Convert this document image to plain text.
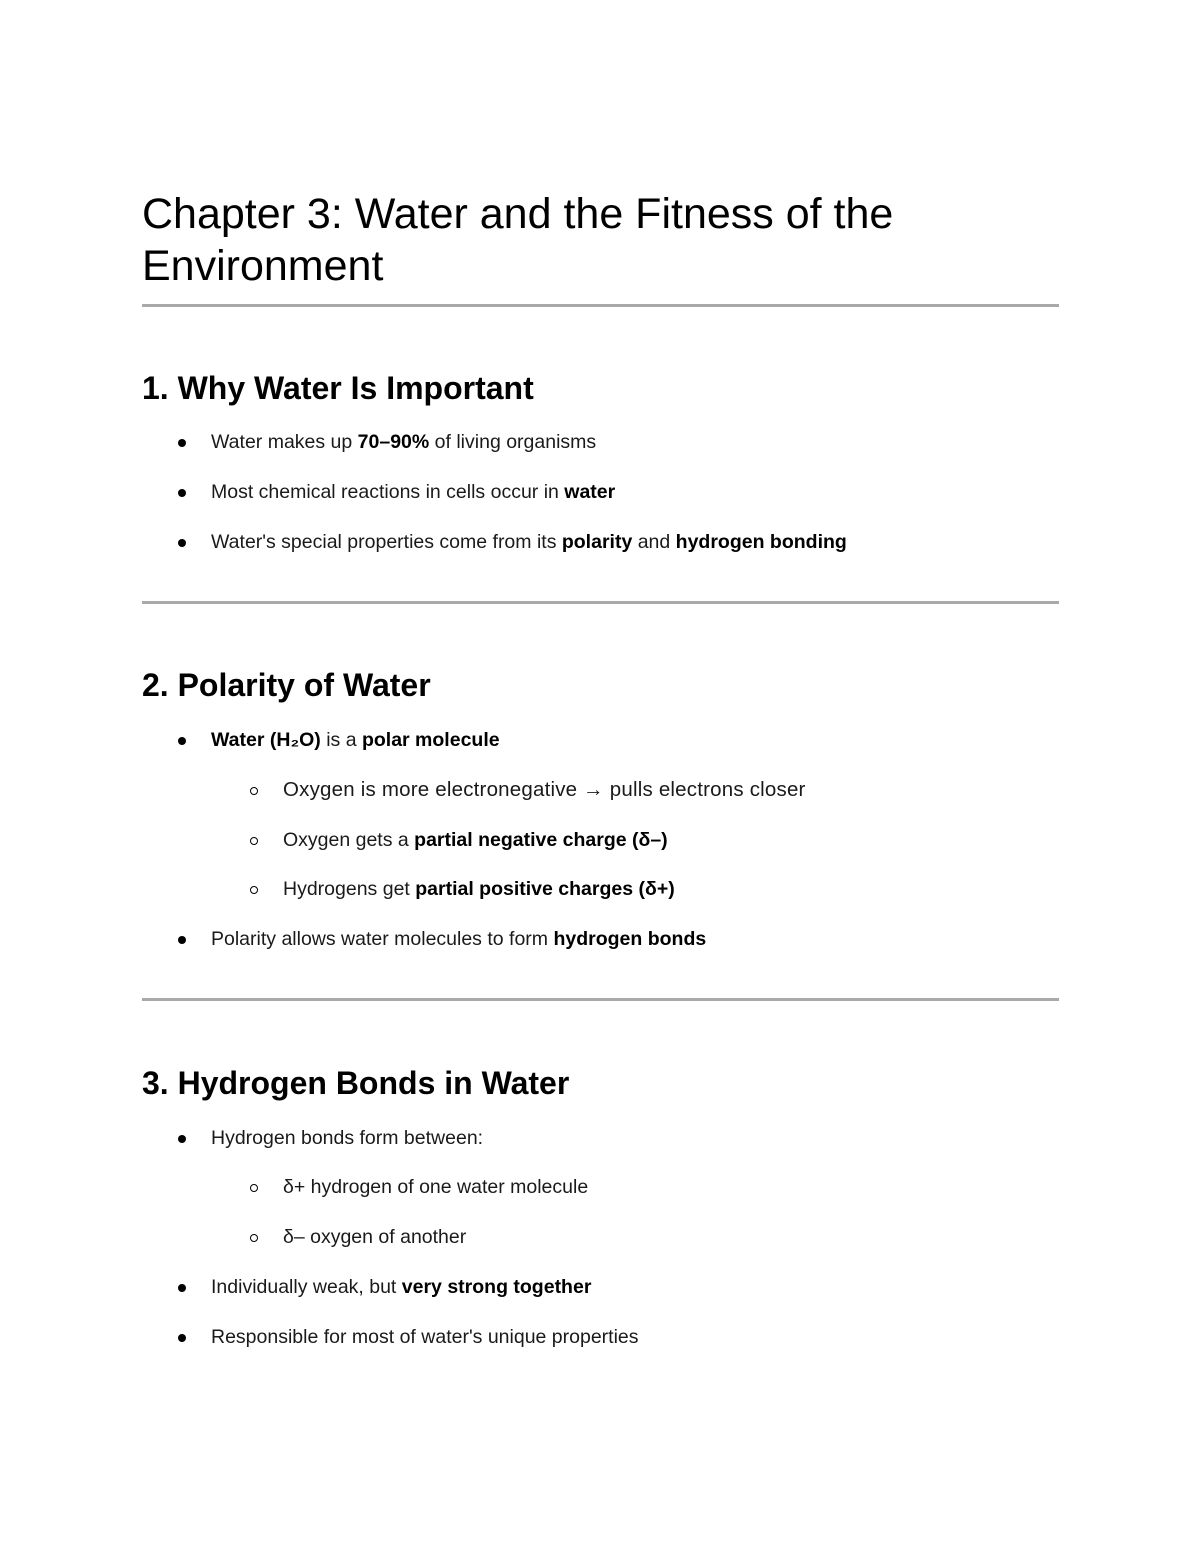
Chapter 3: Water and the Fitness of the Environment
1. Why Water Is Important
Water makes up 70–90% of living organisms
Most chemical reactions in cells occur in water
Water's special properties come from its polarity and hydrogen bonding
2. Polarity of Water
Water (H₂O) is a polar molecule
Oxygen is more electronegative → pulls electrons closer
Oxygen gets a partial negative charge (δ–)
Hydrogens get partial positive charges (δ+)
Polarity allows water molecules to form hydrogen bonds
3. Hydrogen Bonds in Water
Hydrogen bonds form between:
δ+ hydrogen of one water molecule
δ– oxygen of another
Individually weak, but very strong together
Responsible for most of water's unique properties
